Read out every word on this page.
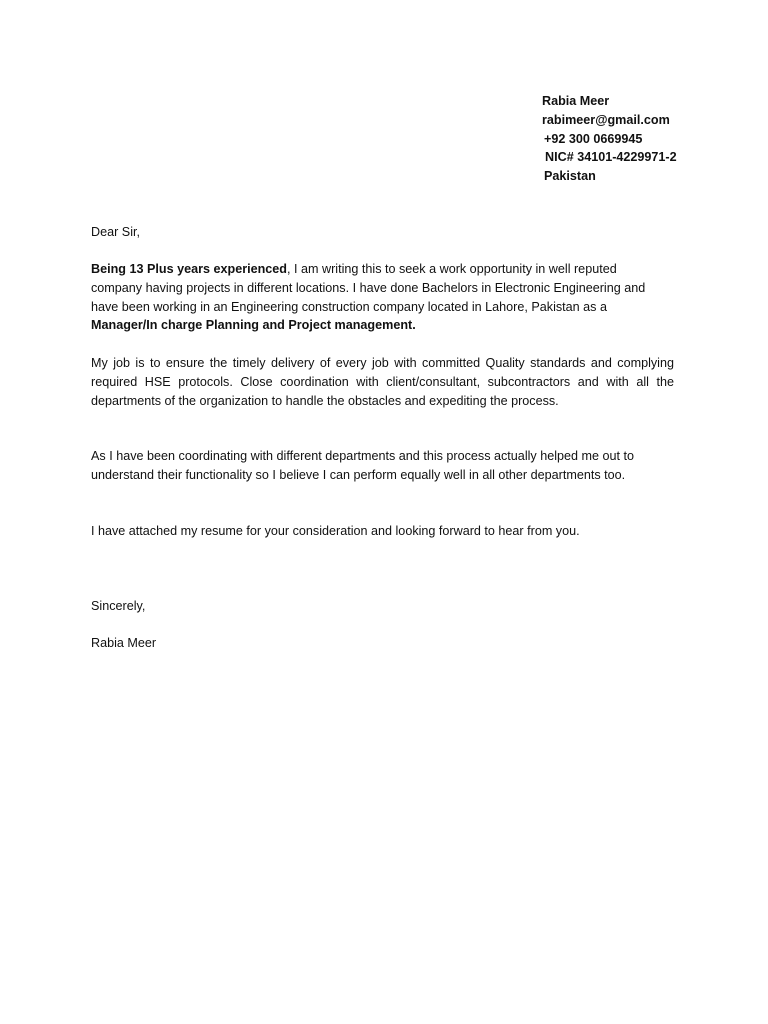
Rabia Meer
rabimeer@gmail.com
+92 300 0669945
NIC# 34101-4229971-2
Pakistan
Dear Sir,
Being 13 Plus years experienced, I am writing this to seek a work opportunity in well reputed
company having projects in different locations. I have done Bachelors in Electronic Engineering and
have been working in an Engineering construction company located in Lahore, Pakistan as a
Manager/In charge Planning and Project management.
My job is to ensure the timely delivery of every job with committed Quality standards and complying required HSE protocols. Close coordination with client/consultant, subcontractors and with all the departments of the organization to handle the obstacles and expediting the process.
As I have been coordinating with different departments and this process actually helped me out to
understand their functionality so I believe I can perform equally well in all other departments too.
I have attached my resume for your consideration and looking forward to hear from you.
Sincerely,
Rabia Meer
